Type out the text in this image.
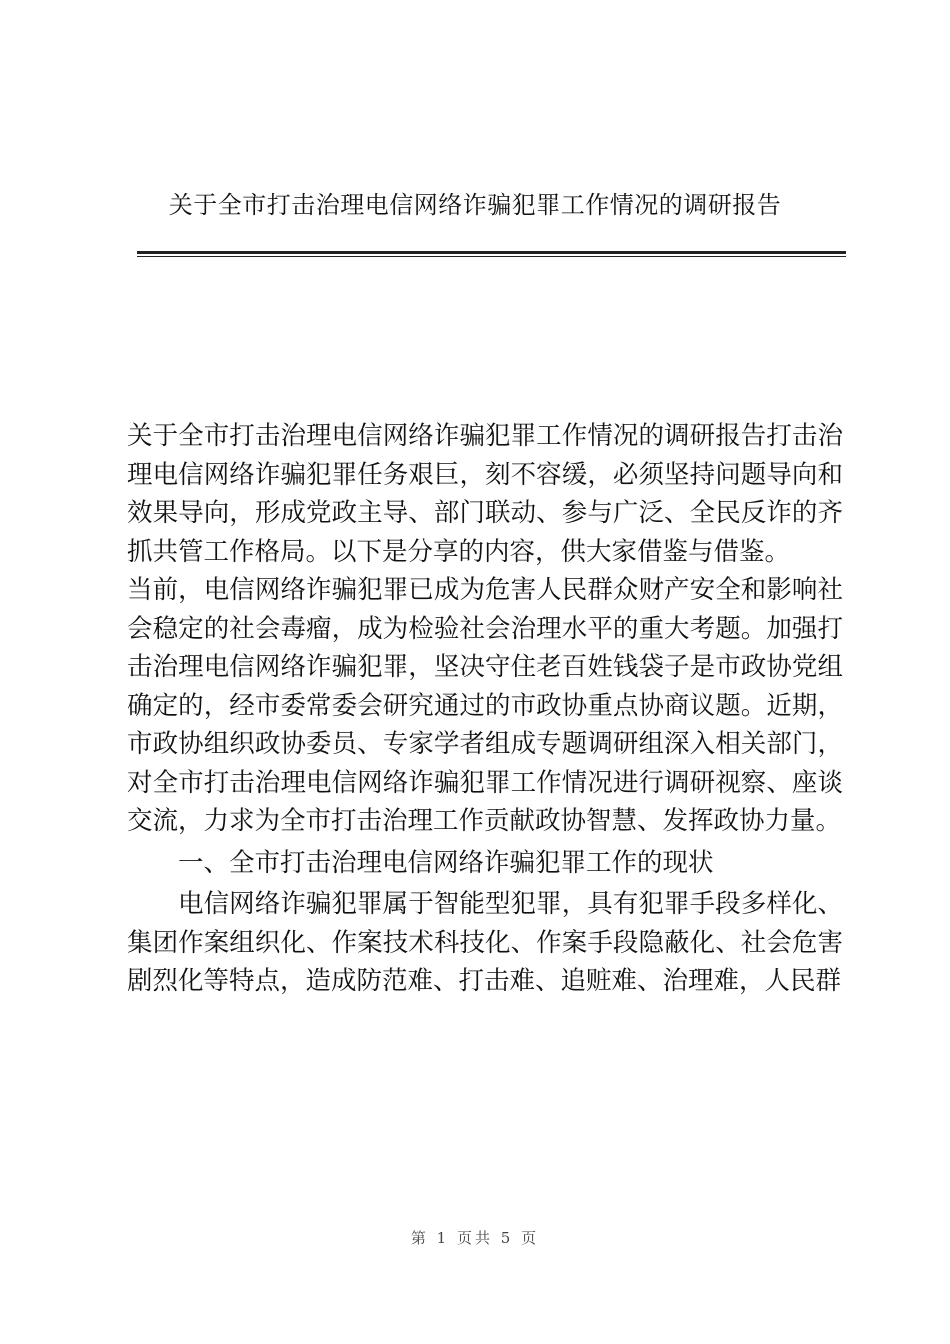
关于全市打击治理电信网络诈骗犯罪工作情况的调研报告

关于全市打击治理电信网络诈骗犯罪工作情况的调研报告打击治理电信网络诈骗犯罪任务艰巨，刻不容缓，必须坚持问题导向和效果导向，形成党政主导、部门联动、参与广泛、全民反诈的齐抓共管工作格局。以下是分享的内容，供大家借鉴与借鉴。

当前，电信网络诈骗犯罪已成为危害人民群众财产安全和影响社会稳定的社会毒瘤，成为检验社会治理水平的重大考题。加强打击治理电信网络诈骗犯罪，坚决守住老百姓钱袋子是市政协党组确定的，经市委常委会研究通过的市政协重点协商议题。近期，市政协组织政协委员、专家学者组成专题调研组深入相关部门，对全市打击治理电信网络诈骗犯罪工作情况进行调研视察、座谈交流，力求为全市打击治理工作贡献政协智慧、发挥政协力量。

一、全市打击治理电信网络诈骗犯罪工作的现状

电信网络诈骗犯罪属于智能型犯罪，具有犯罪手段多样化、集团作案组织化、作案技术科技化、作案手段隐蔽化、社会危害剧烈化等特点，造成防范难、打击难、追赃难、治理难，人民群

第 1 页共 5 页
